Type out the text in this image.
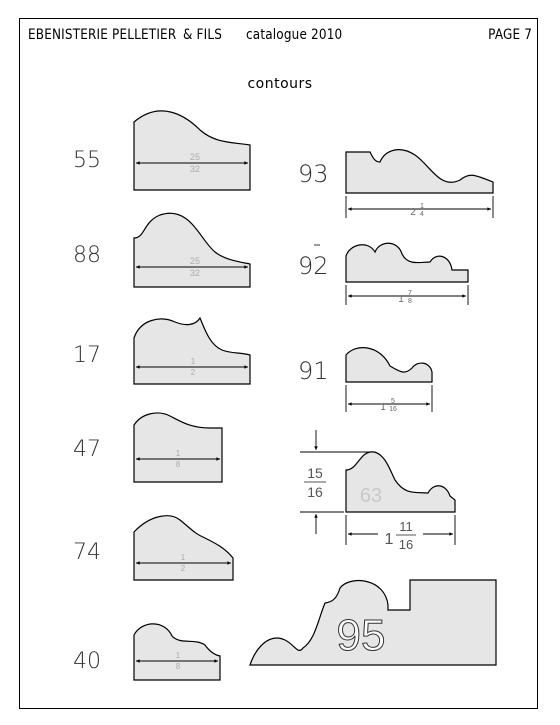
EBENISTERIE PELLETIER & FILS catalogue 2010	PAGE 7
contours
55
88
17
47
74
40
93
92
91
25
32
25
32
1
2
1
8
1
2
1
8
2
1
4
1
7
8
1
5
16
15
16
1
11
16
63
95
